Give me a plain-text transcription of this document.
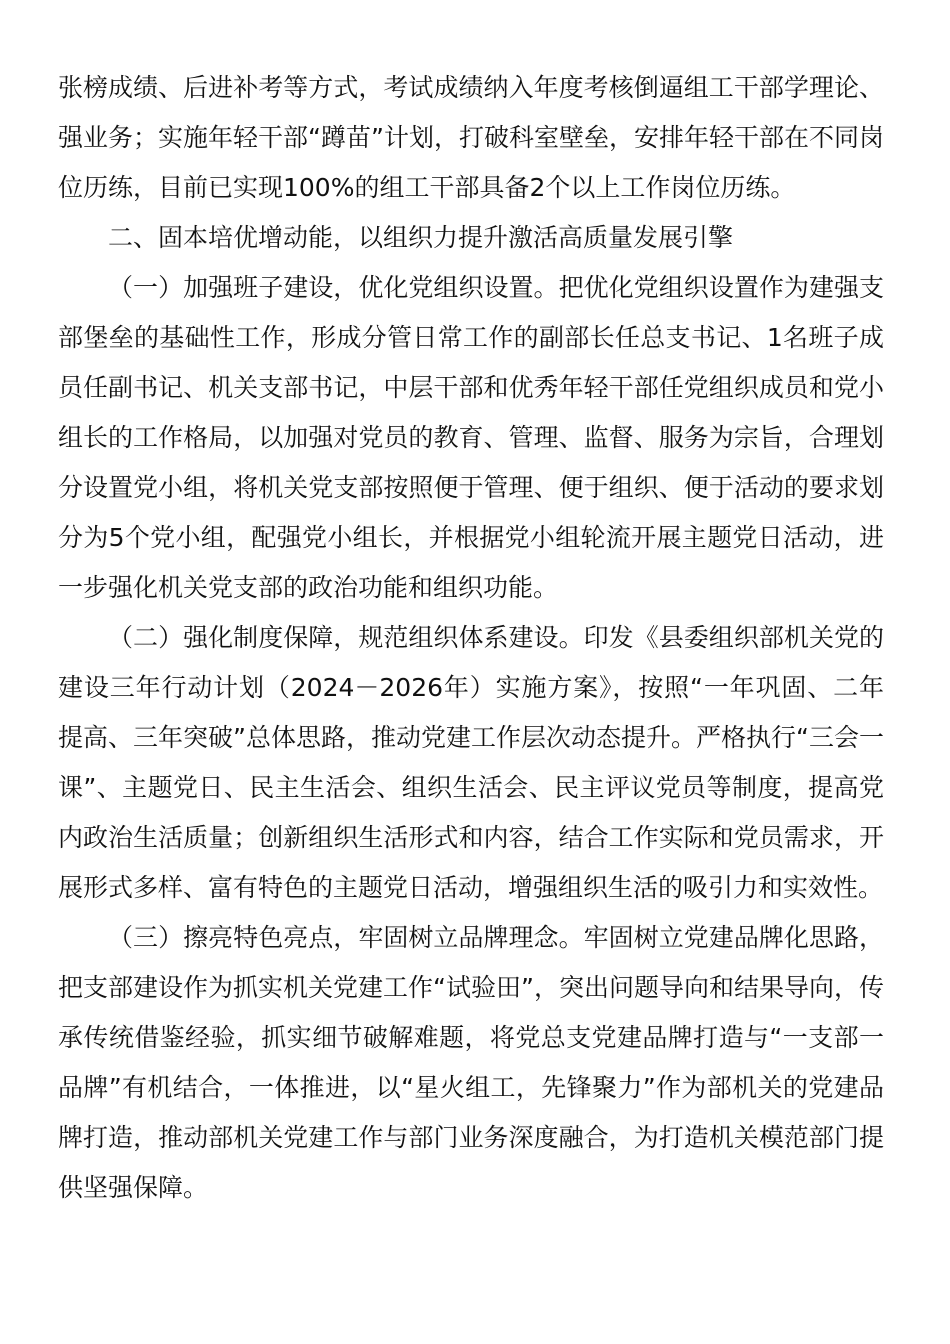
张榜成绩、后进补考等方式，考试成绩纳入年度考核倒逼组工干部学理论、强业务；实施年轻干部“蹲苗”计划，打破科室壁垒，安排年轻干部在不同岗位历练，目前已实现100%的组工干部具备2个以上工作岗位历练。

二、固本培优增动能，以组织力提升激活高质量发展引擎

（一）加强班子建设，优化党组织设置。把优化党组织设置作为建强支部堡垒的基础性工作，形成分管日常工作的副部长任总支书记、1名班子成员任副书记、机关支部书记，中层干部和优秀年轻干部任党组织成员和党小组长的工作格局，以加强对党员的教育、管理、监督、服务为宗旨，合理划分设置党小组，将机关党支部按照便于管理、便于组织、便于活动的要求划分为5个党小组，配强党小组长，并根据党小组轮流开展主题党日活动，进一步强化机关党支部的政治功能和组织功能。

（二）强化制度保障，规范组织体系建设。印发《县委组织部机关党的建设三年行动计划（2024－2026年）实施方案》，按照“一年巩固、二年提高、三年突破”总体思路，推动党建工作层次动态提升。严格执行“三会一课”、主题党日、民主生活会、组织生活会、民主评议党员等制度，提高党内政治生活质量；创新组织生活形式和内容，结合工作实际和党员需求，开展形式多样、富有特色的主题党日活动，增强组织生活的吸引力和实效性。

（三）擦亮特色亮点，牢固树立品牌理念。牢固树立党建品牌化思路，把支部建设作为抓实机关党建工作“试验田”，突出问题导向和结果导向，传承传统借鉴经验，抓实细节破解难题，将党总支党建品牌打造与“一支部一品牌”有机结合，一体推进，以“星火组工，先锋聚力”作为部机关的党建品牌打造，推动部机关党建工作与部门业务深度融合，为打造机关模范部门提供坚强保障。
